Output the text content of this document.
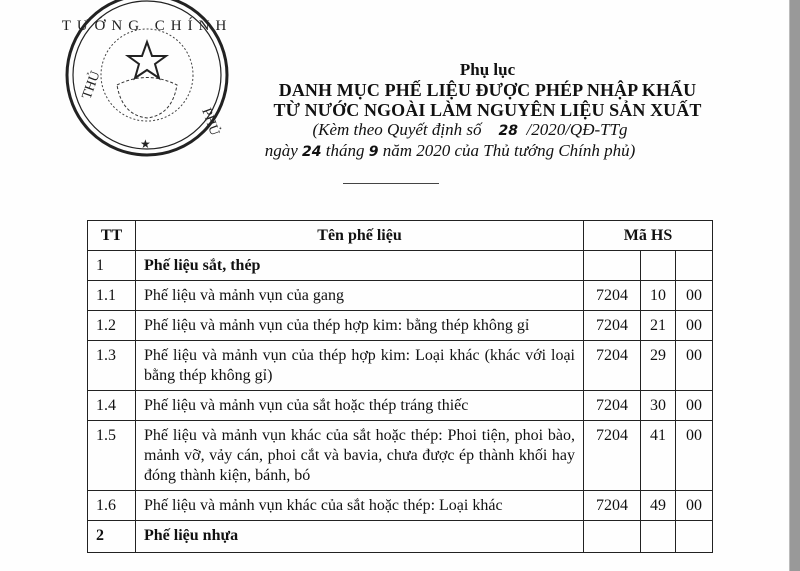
TƯỚNG CHÍNH
THỦ
PHỦ
★
Phụ lục
DANH MỤC PHẾ LIỆU ĐƯỢC PHÉP NHẬP KHẨU
TỪ NƯỚC NGOÀI LÀM NGUYÊN LIỆU SẢN XUẤT
(Kèm theo Quyết định số 28 /2020/QĐ-TTg
ngày 24 tháng 9 năm 2020 của Thủ tướng Chính phủ)
TT	Tên phế liệu	Mã HS		
1	Phế liệu sắt, thép			
1.1	Phế liệu và mảnh vụn của gang	7204	10	00
1.2	Phế liệu và mảnh vụn của thép hợp kim: bằng thép không gỉ	7204	21	00
1.3	Phế liệu và mảnh vụn của thép hợp kim: Loại khác (khác với loại bằng thép không gỉ)	7204	29	00
1.4	Phế liệu và mảnh vụn của sắt hoặc thép tráng thiếc	7204	30	00
1.5	Phế liệu và mảnh vụn khác của sắt hoặc thép: Phoi tiện, phoi bào, mảnh vỡ, vảy cán, phoi cắt và bavia, chưa được ép thành khối hay đóng thành kiện, bánh, bó	7204	41	00
1.6	Phế liệu và mảnh vụn khác của sắt hoặc thép: Loại khác	7204	49	00
2	Phế liệu nhựa			
